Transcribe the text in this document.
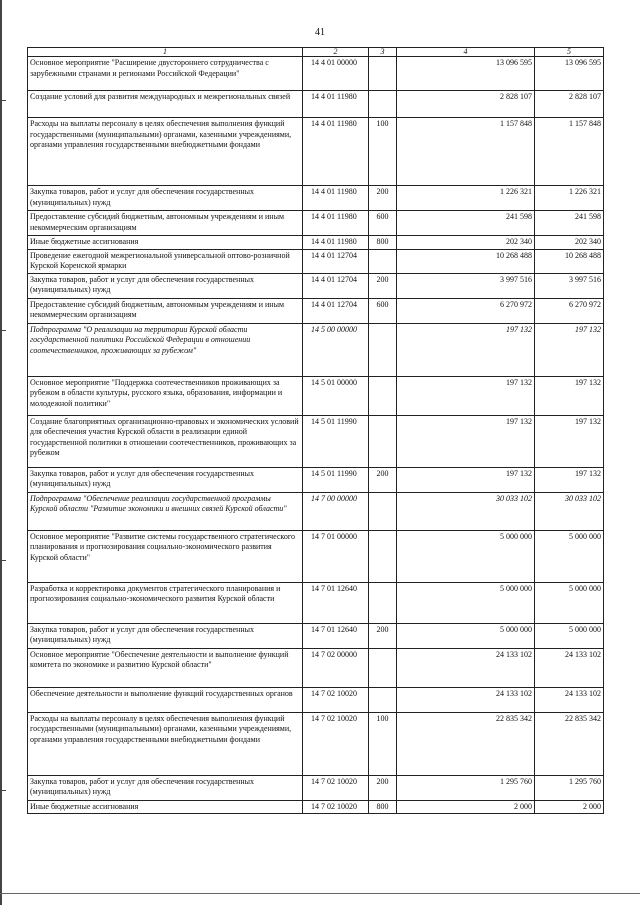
41
1	2	3	4	5
Основное мероприятие "Расширение двустороннего сотрудничества с зарубежными странами и регионами Российской Федерации"	14 4 01 00000		13 096 595	13 096 595
Создание условий для развития международных и межрегиональных связей	14 4 01 11980		2 828 107	2 828 107
Расходы на выплаты персоналу в целях обеспечения выполнения функций государственными (муниципальными) органами, казенными учреждениями, органами управления государственными внебюджетными фондами	14 4 01 11980	100	1 157 848	1 157 848
Закупка товаров, работ и услуг для обеспечения государственных (муниципальных) нужд	14 4 01 11980	200	1 226 321	1 226 321
Предоставление субсидий бюджетным, автономным учреждениям и иным некоммерческим организациям	14 4 01 11980	600	241 598	241 598
Иные бюджетные ассигнования	14 4 01 11980	800	202 340	202 340
Проведение ежегодной межрегиональной универсальной оптово-розничной Курской Коренской ярмарки	14 4 01 12704		10 268 488	10 268 488
Закупка товаров, работ и услуг для обеспечения государственных (муниципальных) нужд	14 4 01 12704	200	3 997 516	3 997 516
Предоставление субсидий бюджетным, автономным учреждениям и иным некоммерческим организациям	14 4 01 12704	600	6 270 972	6 270 972
Подпрограмма "О реализации на территории Курской области государственной политики Российской Федерации в отношении соотечественников, проживающих за рубежом"	14 5 00 00000		197 132	197 132
Основное мероприятие "Поддержка соотечественников проживающих за рубежом в области культуры, русского языка, образования, информации и молодежной политики"	14 5 01 00000		197 132	197 132
Создание благоприятных организационно-правовых и экономических условий для обеспечения участия Курской области в реализации единой государственной политики в отношении соотечественников, проживающих за рубежом	14 5 01 11990		197 132	197 132
Закупка товаров, работ и услуг для обеспечения государственных (муниципальных) нужд	14 5 01 11990	200	197 132	197 132
Подпрограмма "Обеспечение реализации государственной программы Курской области "Развитие экономики и внешних связей Курской области"	14 7 00 00000		30 033 102	30 033 102
Основное мероприятие "Развитие системы государственного стратегического планирования и прогнозирования социально-экономического развития Курской области"	14 7 01 00000		5 000 000	5 000 000
Разработка и корректировка документов стратегического планирования и прогнозирования социально-экономического развития Курской области	14 7 01 12640		5 000 000	5 000 000
Закупка товаров, работ и услуг для обеспечения государственных (муниципальных) нужд	14 7 01 12640	200	5 000 000	5 000 000
Основное мероприятие "Обеспечение деятельности и выполнение функций комитета по экономике и развитию Курской области"	14 7 02 00000		24 133 102	24 133 102
Обеспечение деятельности и выполнение функций государственных органов	14 7 02 10020		24 133 102	24 133 102
Расходы на выплаты персоналу в целях обеспечения выполнения функций государственными (муниципальными) органами, казенными учреждениями, органами управления государственными внебюджетными фондами	14 7 02 10020	100	22 835 342	22 835 342
Закупка товаров, работ и услуг для обеспечения государственных (муниципальных) нужд	14 7 02 10020	200	1 295 760	1 295 760
Иные бюджетные ассигнования	14 7 02 10020	800	2 000	2 000
